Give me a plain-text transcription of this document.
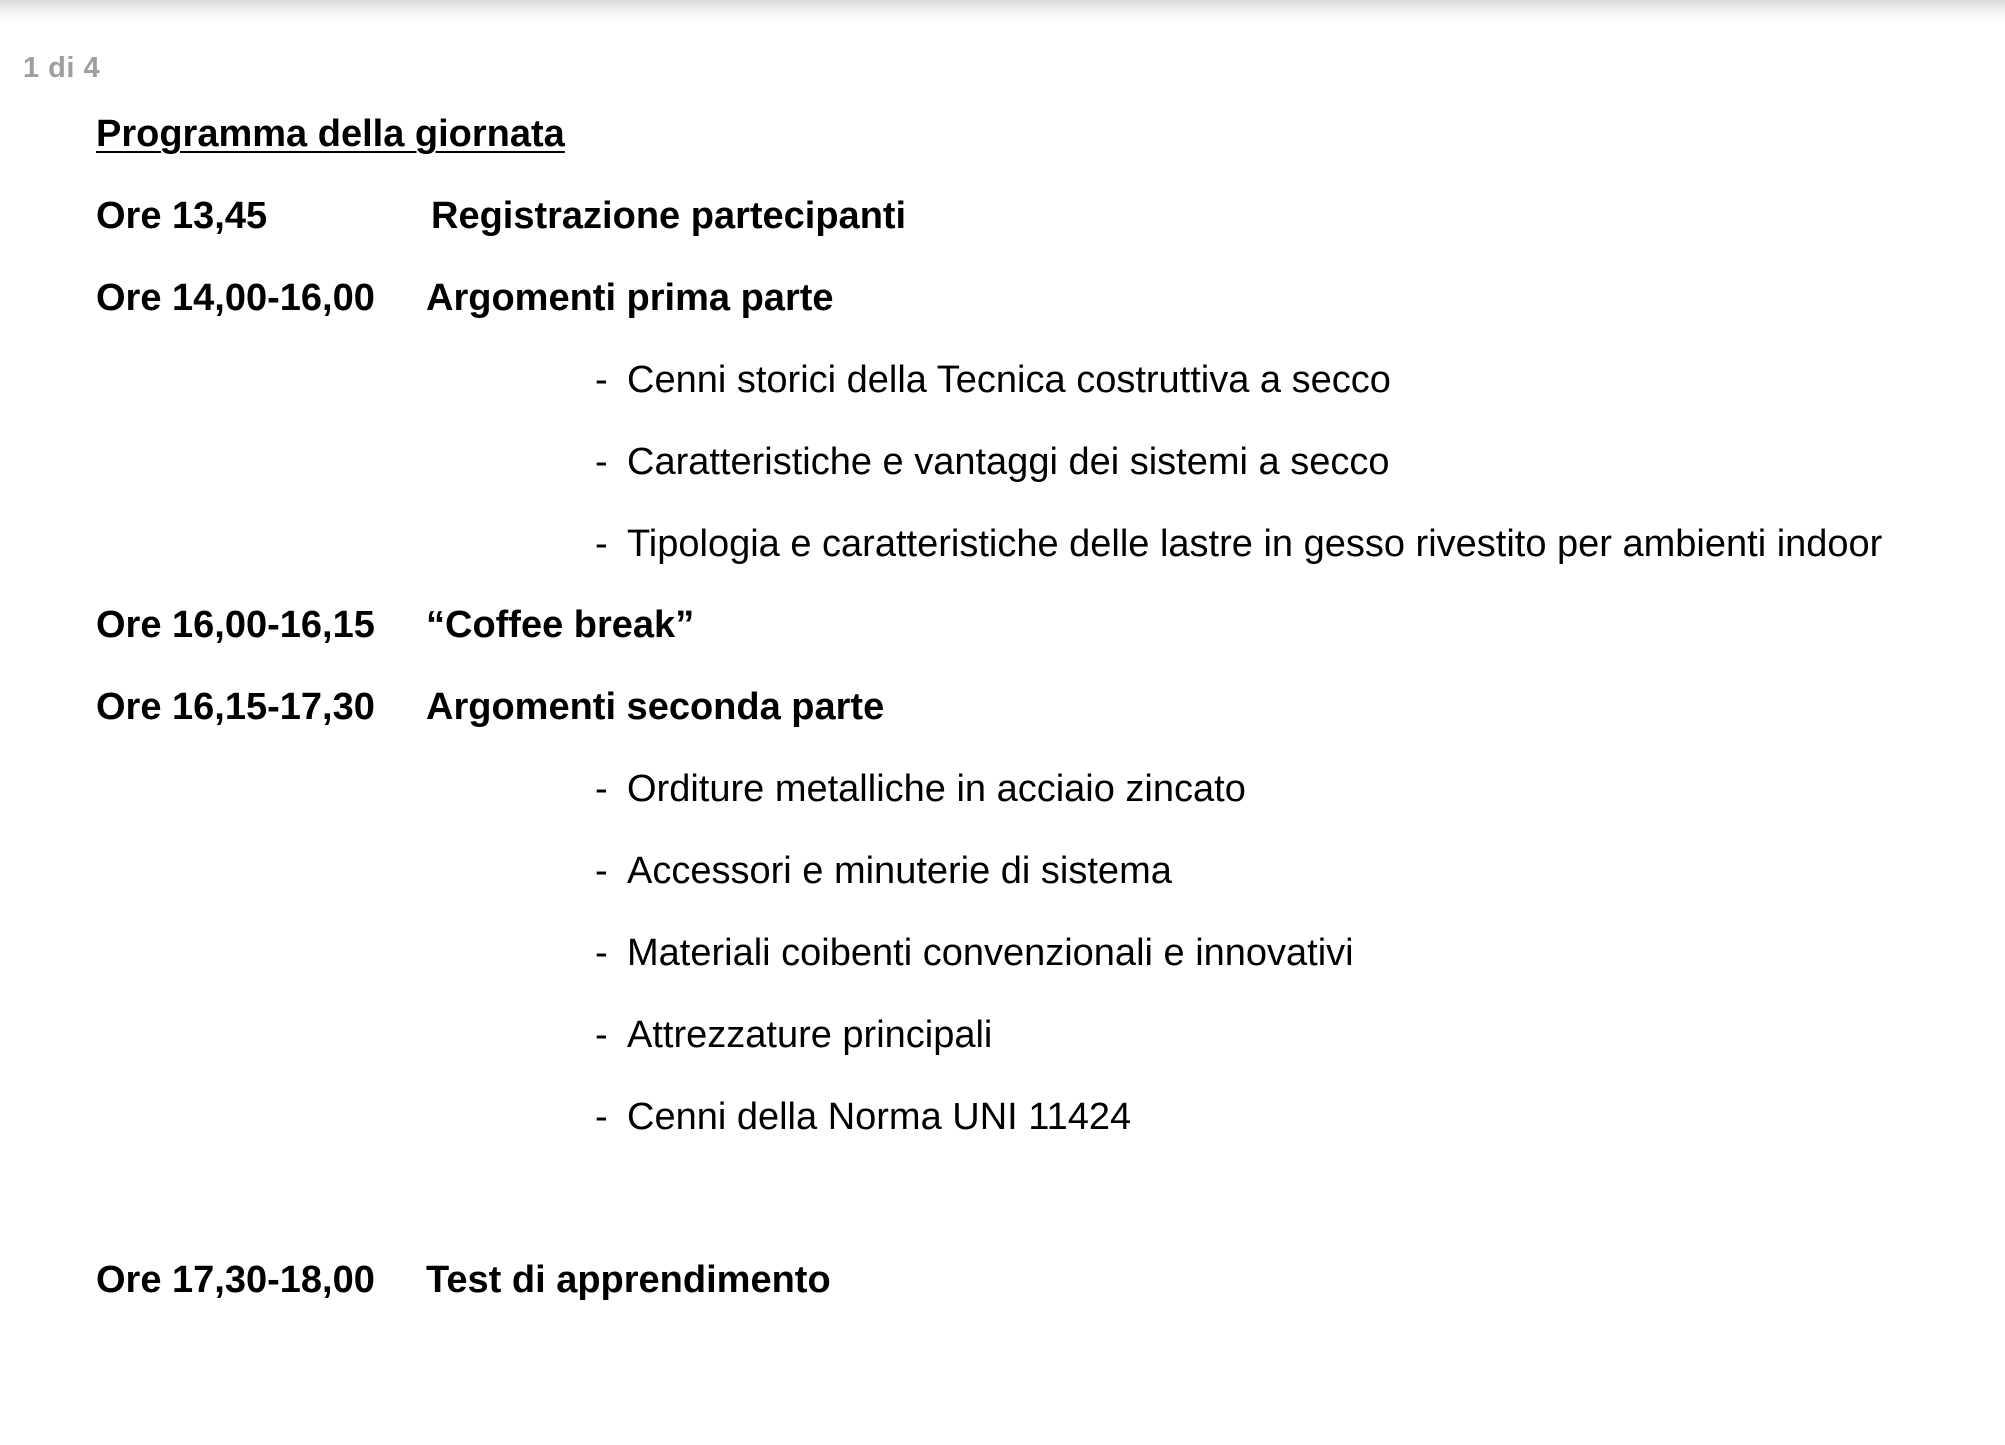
1 di 4
Programma della giornata
Ore 13,45	Registrazione partecipanti
Ore 14,00-16,00 Argomenti prima parte
- Cenni storici della Tecnica costruttiva a secco
- Caratteristiche e vantaggi dei sistemi a secco
- Tipologia e caratteristiche delle lastre in gesso rivestito per ambienti indoor
Ore 16,00-16,15 “Coffee break”
Ore 16,15-17,30 Argomenti seconda parte
- Orditure metalliche in acciaio zincato
- Accessori e minuterie di sistema
- Materiali coibenti convenzionali e innovativi
- Attrezzature principali
- Cenni della Norma UNI 11424
Ore 17,30-18,00 Test di apprendimento
